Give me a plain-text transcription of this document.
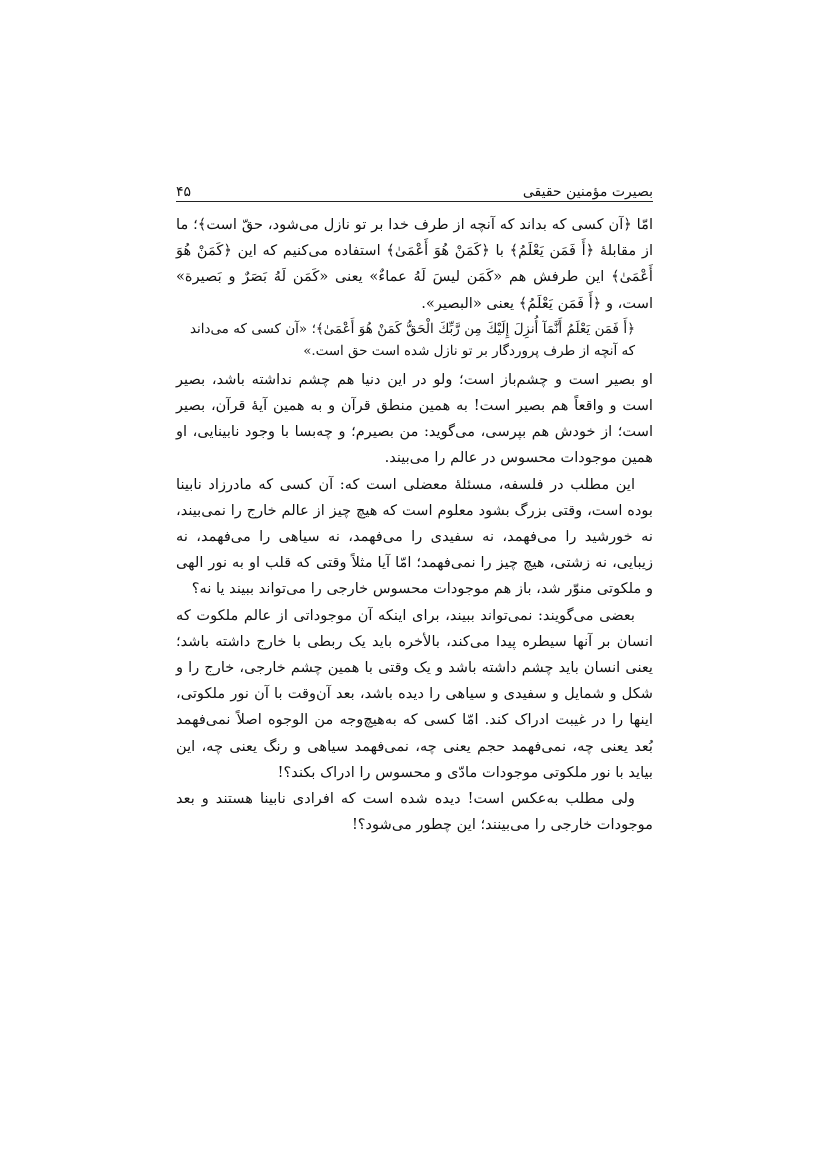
بصیرت مؤمنین حقیقی
۴۵

امّا ﴿آن کسی که بداند که آنچه از طرف خدا بر تو نازل می‌شود، حقّ است﴾؛ ما از مقابلهٔ ﴿أَ فَمَن يَعْلَمُ﴾ با ﴿كَمَنْ هُوَ أَعْمَىٰ﴾ استفاده می‌کنیم که این ﴿كَمَنْ هُوَ أَعْمَىٰ﴾ این طرفش هم «كَمَن ليسَ لَهُ عماءٌ» یعنی «كَمَن لَهُ بَصَرٌ و بَصيرة» است، و ﴿أَ فَمَن يَعْلَمُ﴾ یعنی «البصير».

﴿أَ فَمَن يَعْلَمُ أَنَّمَآ أُنزِلَ إِلَيْكَ مِن رَّبِّكَ الْحَقُّ كَمَنْ هُوَ أَعْمَىٰ﴾؛ «آن کسی که می‌داند که آنچه از طرف پروردگار بر تو نازل شده است حق است.»

او بصیر است و چشم‌باز است؛ ولو در این دنیا هم چشم نداشته باشد، بصیر است و واقعاً هم بصیر است! به همین منطق قرآن و به همین آیهٔ قرآن، بصیر است؛ از خودش هم بپرسی، می‌گوید: من بصیرم؛ و چه‌بسا با وجود نابینایی، او همین موجودات محسوس در عالم را می‌بیند.

این مطلب در فلسفه، مسئلهٔ معضلی است که: آن کسی که مادرزاد نابینا بوده است، وقتی بزرگ بشود معلوم است که هیچ چیز از عالم خارج را نمی‌بیند، نه خورشید را می‌فهمد، نه سفیدی را می‌فهمد، نه سیاهی را می‌فهمد، نه زیبایی، نه زشتی، هیچ چیز را نمی‌فهمد؛ امّا آیا مثلاً وقتی که قلب او به نور الهی و ملکوتی منوّر شد، باز هم موجودات محسوس خارجی را می‌تواند ببیند یا نه؟

بعضی می‌گویند: نمی‌تواند ببیند، برای اینکه آن موجوداتی از عالم ملکوت که انسان بر آنها سیطره پیدا می‌کند، بالأخره باید یک ربطی با خارج داشته باشد؛ یعنی انسان باید چشم داشته باشد و یک وقتی با همین چشم خارجی، خارج را و شکل و شمایل و سفیدی و سیاهی را دیده باشد، بعد آن‌وقت با آن نور ملکوتی، اینها را در غیبت ادراک کند. امّا کسی که به‌هیچ‌وجه من الوجوه اصلاً نمی‌فهمد بُعد یعنی چه، نمی‌فهمد حجم یعنی چه، نمی‌فهمد سیاهی و رنگ یعنی چه، این بیاید با نور ملکوتی موجودات مادّی و محسوس را ادراک بکند؟!

ولی مطلب به‌عکس است! دیده شده است که افرادی نابینا هستند و بعد موجودات خارجی را می‌بینند؛ این چطور می‌شود؟!
